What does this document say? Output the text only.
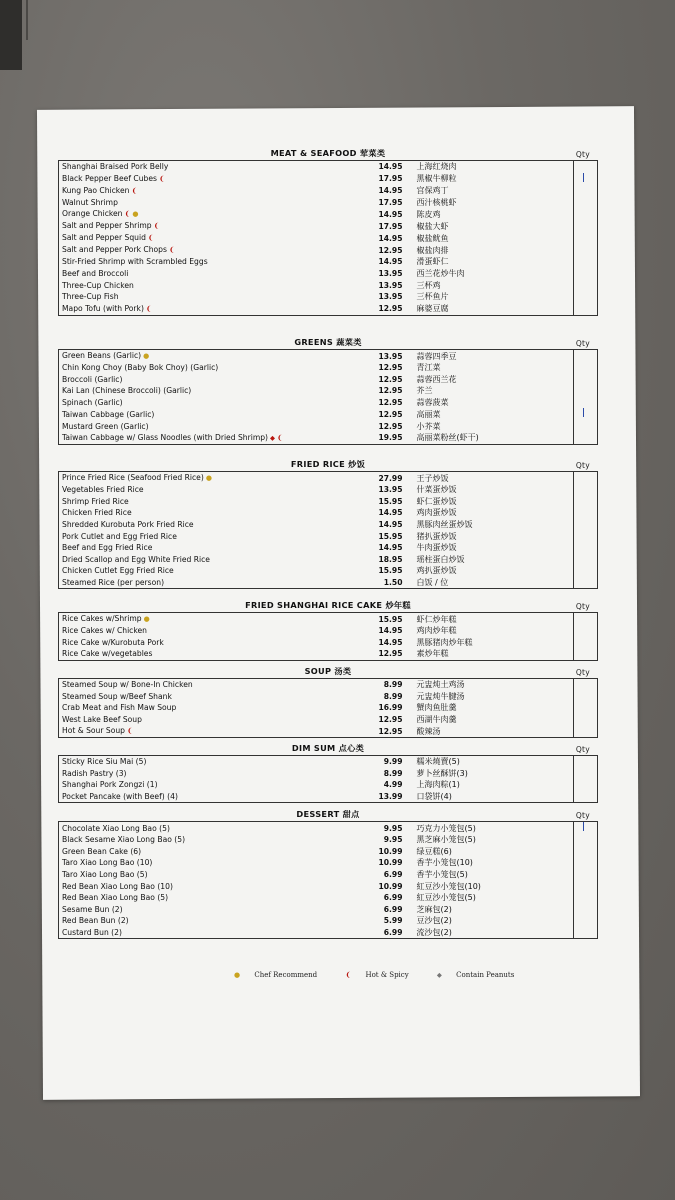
MEAT & SEAFOOD 荤菜类	Qty
Shanghai Braised Pork Belly	14.95	上海红烧肉	
Black Pepper Beef Cubes ❨	17.95	黑椒牛柳粒	
Kung Pao Chicken ❨	14.95	宫保鸡丁	
Walnut Shrimp	17.95	西汁核桃虾	
Orange Chicken ❨ ●	14.95	陈皮鸡	
Salt and Pepper Shrimp ❨	17.95	椒盐大虾	
Salt and Pepper Squid ❨	14.95	椒盐鱿鱼	
Salt and Pepper Pork Chops ❨	12.95	椒盐肉排	
Stir-Fried Shrimp with Scrambled Eggs	14.95	滑蛋虾仁	
Beef and Broccoli	13.95	西兰花炒牛肉	
Three-Cup Chicken	13.95	三杯鸡	
Three-Cup Fish	13.95	三杯鱼片	
Mapo Tofu (with Pork) ❨	12.95	麻婆豆腐	
GREENS 蔬菜类	Qty
Green Beans (Garlic) ●	13.95	蒜蓉四季豆	
Chin Kong Choy (Baby Bok Choy) (Garlic)	12.95	青江菜	
Broccoli (Garlic)	12.95	蒜蓉西兰花	
Kai Lan (Chinese Broccoli) (Garlic)	12.95	芥兰	
Spinach (Garlic)	12.95	蒜蓉菠菜	
Taiwan Cabbage (Garlic)	12.95	高丽菜	
Mustard Green (Garlic)	12.95	小芥菜	
Taiwan Cabbage w/ Glass Noodles (with Dried Shrimp) ◆ ❨	19.95	高丽菜粉丝(虾干)	
FRIED RICE 炒饭	Qty
Prince Fried Rice (Seafood Fried Rice) ●	27.99	王子炒饭	
Vegetables Fried Rice	13.95	什菜蛋炒饭	
Shrimp Fried Rice	15.95	虾仁蛋炒饭	
Chicken Fried Rice	14.95	鸡肉蛋炒饭	
Shredded Kurobuta Pork Fried Rice	14.95	黑豚肉丝蛋炒饭	
Pork Cutlet and Egg Fried Rice	15.95	猪扒蛋炒饭	
Beef and Egg Fried Rice	14.95	牛肉蛋炒饭	
Dried Scallop and Egg White Fried Rice	18.95	瑶柱蛋白炒饭	
Chicken Cutlet Egg Fried Rice	15.95	鸡扒蛋炒饭	
Steamed Rice (per person)	1.50	白饭 / 位	
FRIED SHANGHAI RICE CAKE 炒年糕	Qty
Rice Cakes w/Shrimp ●	15.95	虾仁炒年糕	
Rice Cakes w/ Chicken	14.95	鸡肉炒年糕	
Rice Cake w/Kurobuta Pork	14.95	黑豚猪肉炒年糕	
Rice Cake w/vegetables	12.95	素炒年糕	
SOUP 汤类	Qty
Steamed Soup w/ Bone-In Chicken	8.99	元盅炖土鸡汤	
Steamed Soup w/Beef Shank	8.99	元盅炖牛腱汤	
Crab Meat and Fish Maw Soup	16.99	蟹肉鱼肚羹	
West Lake Beef Soup	12.95	西湖牛肉羹	
Hot & Sour Soup ❨	12.95	酸辣汤	
DIM SUM 点心类	Qty
Sticky Rice Siu Mai (5)	9.99	糯米燒賣(5)	
Radish Pastry (3)	8.99	萝卜丝酥饼(3)	
Shanghai Pork Zongzi (1)	4.99	上海肉粽(1)	
Pocket Pancake (with Beef) (4)	13.99	口袋饼(4)	
DESSERT 甜点	Qty
Chocolate Xiao Long Bao (5)	9.95	巧克力小笼包(5)	
Black Sesame Xiao Long Bao (5)	9.95	黑芝麻小笼包(5)	
Green Bean Cake (6)	10.99	绿豆糕(6)	
Taro Xiao Long Bao (10)	10.99	香芋小笼包(10)	
Taro Xiao Long Bao (5)	6.99	香芋小笼包(5)	
Red Bean Xiao Long Bao (10)	10.99	紅豆沙小笼包(10)	
Red Bean Xiao Long Bao (5)	6.99	紅豆沙小笼包(5)	
Sesame Bun (2)	6.99	芝麻包(2)	
Red Bean Bun (2)	5.99	豆沙包(2)	
Custard Bun (2)	6.99	流沙包(2)	
● Chef Recommend	❨ Hot & Spicy	◆ Contain Peanuts
